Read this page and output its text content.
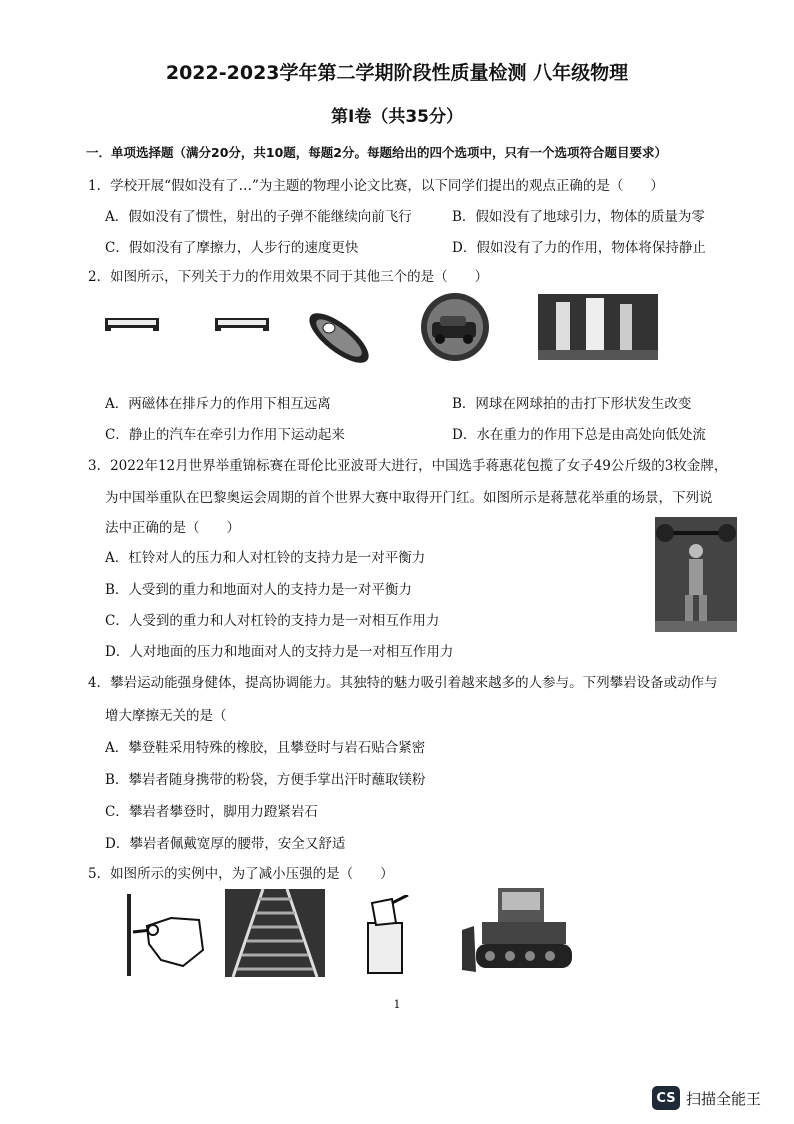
2022-2023学年第二学期阶段性质量检测 八年级物理
第Ⅰ卷（共35分）
一．单项选择题（满分20分，共10题，每题2分。每题给出的四个选项中，只有一个选项符合题目要求）
1．学校开展“假如没有了…”为主题的物理小论文比赛，以下同学们提出的观点正确的是（　　）
A．假如没有了惯性，射出的子弹不能继续向前飞行	B．假如没有了地球引力，物体的质量为零
C．假如没有了摩擦力，人步行的速度更快	D．假如没有了力的作用，物体将保持静止
2．如图所示，下列关于力的作用效果不同于其他三个的是（　　）
A．两磁体在排斥力的作用下相互远离	B．网球在网球拍的击打下形状发生改变
C．静止的汽车在牵引力作用下运动起来	D．水在重力的作用下总是由高处向低处流
3．2022年12月世界举重锦标赛在哥伦比亚波哥大进行，中国选手蒋惠花包揽了女子49公斤级的3枚金牌，
为中国举重队在巴黎奥运会周期的首个世界大赛中取得开门红。如图所示是蒋慧花举重的场景，下列说
法中正确的是（　　）
A．杠铃对人的压力和人对杠铃的支持力是一对平衡力
B．人受到的重力和地面对人的支持力是一对平衡力
C．人受到的重力和人对杠铃的支持力是一对相互作用力
D．人对地面的压力和地面对人的支持力是一对相互作用力
4．攀岩运动能强身健体，提高协调能力。其独特的魅力吸引着越来越多的人参与。下列攀岩设备或动作与
增大摩擦无关的是（
A．攀登鞋采用特殊的橡胶，且攀登时与岩石贴合紧密
B．攀岩者随身携带的粉袋，方便手掌出汗时蘸取镁粉
C．攀岩者攀登时，脚用力蹬紧岩石
D．攀岩者佩戴宽厚的腰带，安全又舒适
5．如图所示的实例中，为了减小压强的是（　　）
1
CS 扫描全能王
